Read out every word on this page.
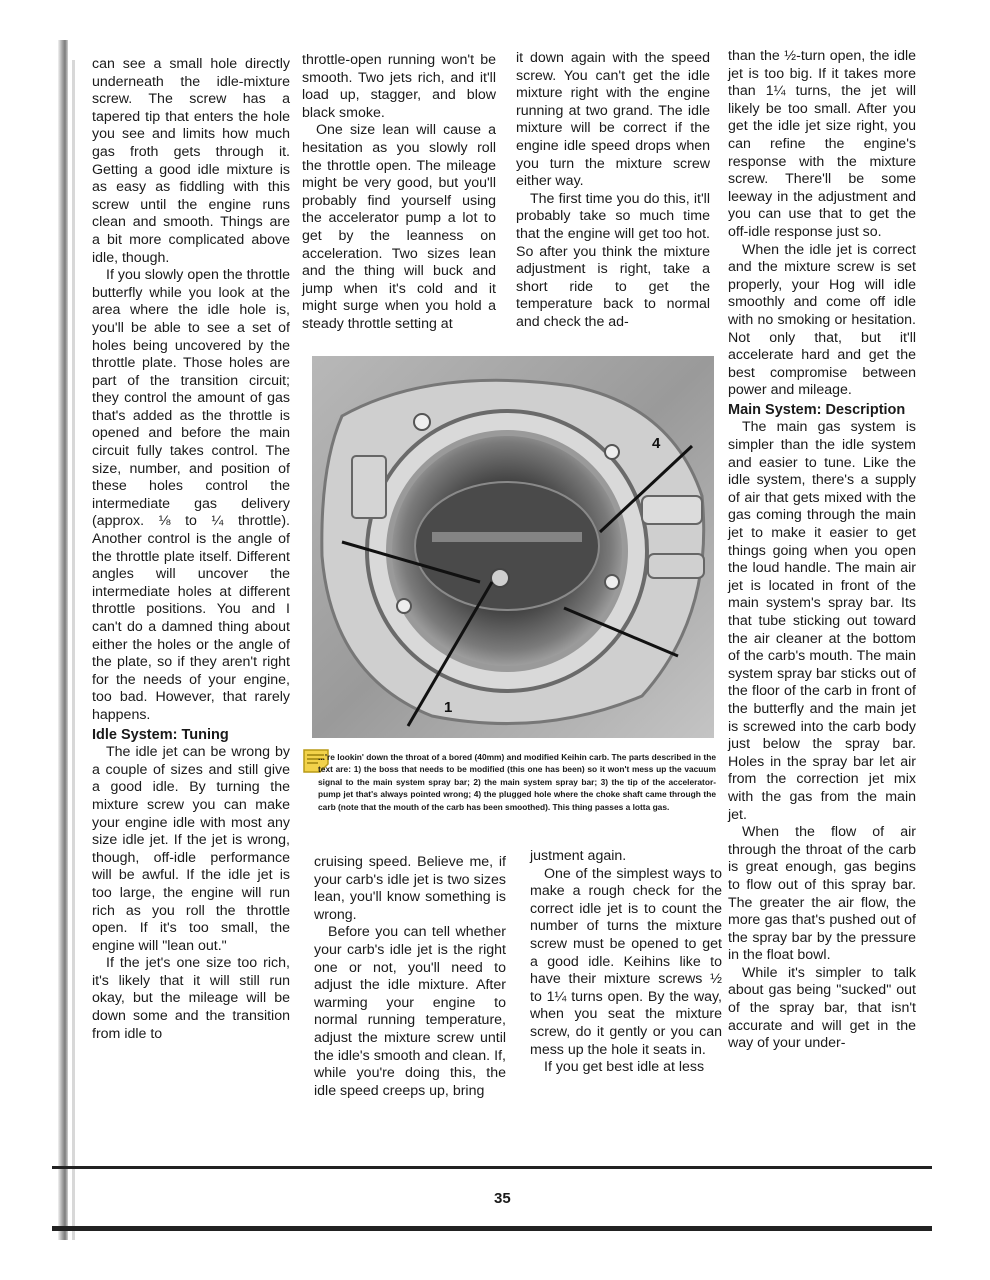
can see a small hole directly underneath the idle-mixture screw. The screw has a tapered tip that enters the hole you see and limits how much gas froth gets through it. Getting a good idle mixture is as easy as fiddling with this screw until the engine runs clean and smooth. Things are a bit more complicated above idle, though.

If you slowly open the throttle butterfly while you look at the area where the idle hole is, you'll be able to see a set of holes being uncovered by the throttle plate. Those holes are part of the transition circuit; they control the amount of gas that's added as the throttle is opened and before the main circuit fully takes control. The size, number, and position of these holes control the intermediate gas delivery (approx. ⅛ to ¼ throttle). Another control is the angle of the throttle plate itself. Different angles will uncover the intermediate holes at different throttle positions. You and I can't do a damned thing about either the holes or the angle of the plate, so if they aren't right for the needs of your engine, too bad. However, that rarely happens.

Idle System: Tuning

The idle jet can be wrong by a couple of sizes and still give a good idle. By turning the mixture screw you can make your engine idle with most any size idle jet. If the jet is wrong, though, off-idle performance will be awful. If the idle jet is too large, the engine will run rich as you roll the throttle open. If it's too small, the engine will "lean out."

If the jet's one size too rich, it's likely that it will still run okay, but the mileage will be down some and the transition from idle to

throttle-open running won't be smooth. Two jets rich, and it'll load up, stagger, and blow black smoke.

One size lean will cause a hesitation as you slowly roll the throttle open. The mileage might be very good, but you'll probably find yourself using the accelerator pump a lot to get by the leanness on acceleration. Two sizes lean and the thing will buck and jump when it's cold and it might surge when you hold a steady throttle setting at

it down again with the speed screw. You can't get the idle mixture right with the engine running at two grand. The idle mixture will be correct if the engine idle speed drops when you turn the mixture screw either way.

The first time you do this, it'll probably take so much time that the engine will get too hot. So after you think the mixture adjustment is right, take a short ride to get the temperature back to normal and check the ad-

than the ½-turn open, the idle jet is too big. If it takes more than 1¼ turns, the jet will likely be too small. After you get the idle jet size right, you can refine the engine's response with the mixture screw. There'll be some leeway in the adjustment and you can use that to get the off-idle response just so.

When the idle jet is correct and the mixture screw is set properly, your Hog will idle smoothly and come off idle with no smoking or hesitation. Not only that, but it'll accelerate hard and get the best compromise between power and mileage.

Main System: Description

The main gas system is simpler than the idle system and easier to tune. Like the idle system, there's a supply of air that gets mixed with the gas coming through the main jet to make it easier to get things going when you open the loud handle. The main air jet is located in front of the main system's spray bar. Its that tube sticking out toward the air cleaner at the bottom of the carb's mouth. The main system spray bar sticks out of the floor of the carb in front of the butterfly and the main jet is screwed into the carb body just below the spray bar. Holes in the spray bar let air from the correction jet mix with the gas from the main jet.

When the flow of air through the throat of the carb is great enough, gas begins to flow out of this spray bar. The greater the air flow, the more gas that's pushed out of the spray bar by the pressure in the float bowl.

While it's simpler to talk about gas being "sucked" out of the spray bar, that isn't accurate and will get in the way of your under-

4
1
...'re lookin' down the throat of a bored (40mm) and modified Keihin carb. The parts described in the text are: 1) the boss that needs to be modified (this one has been) so it won't mess up the vacuum signal to the main system spray bar; 2) the main system spray bar; 3) the tip of the accelerator-pump jet that's always pointed wrong; 4) the plugged hole where the choke shaft came through the carb (note that the mouth of the carb has been smoothed). This thing passes a lotta gas.

cruising speed. Believe me, if your carb's idle jet is two sizes lean, you'll know something is wrong.

Before you can tell whether your carb's idle jet is the right one or not, you'll need to adjust the idle mixture. After warming your engine to normal running temperature, adjust the mixture screw until the idle's smooth and clean. If, while you're doing this, the idle speed creeps up, bring

justment again.

One of the simplest ways to make a rough check for the correct idle jet is to count the number of turns the mixture screw must be opened to get a good idle. Keihins like to have their mixture screws ½ to 1¼ turns open. By the way, when you seat the mixture screw, do it gently or you can mess up the hole it seats in.

If you get best idle at less

35
